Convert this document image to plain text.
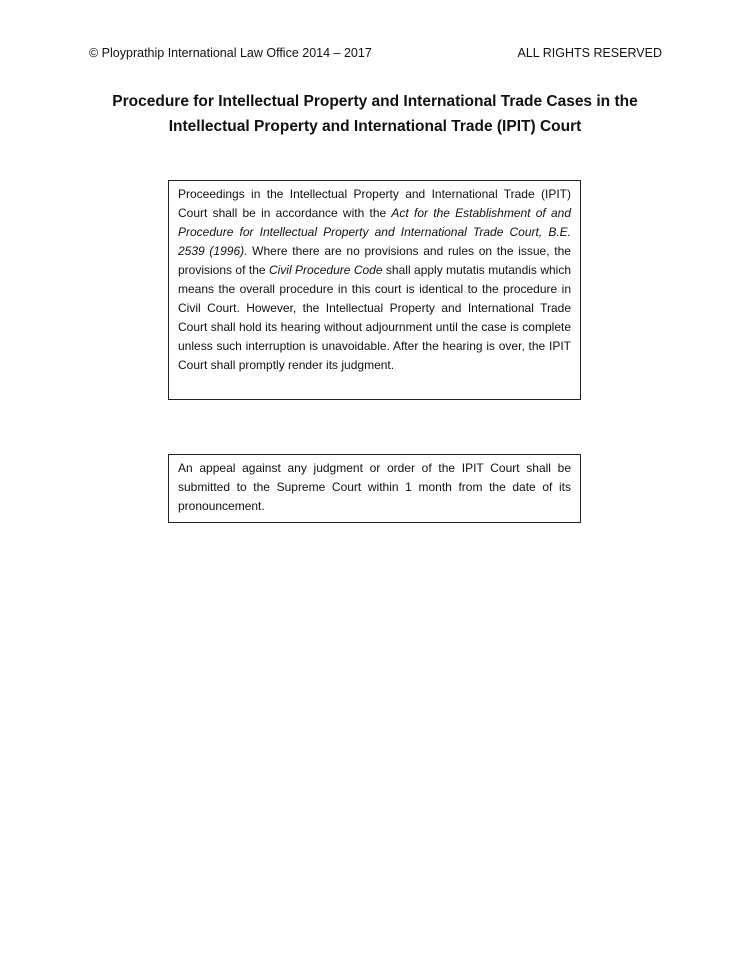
© Ployprathip International Law Office 2014 – 2017	ALL RIGHTS RESERVED
Procedure for Intellectual Property and International Trade Cases in the
Intellectual Property and International Trade (IPIT) Court

Proceedings in the Intellectual Property and International Trade (IPIT) Court shall be in accordance with the Act for the Establishment of and Procedure for Intellectual Property and International Trade Court, B.E. 2539 (1996). Where there are no provisions and rules on the issue, the provisions of the Civil Procedure Code shall apply mutatis mutandis which means the overall procedure in this court is identical to the procedure in Civil Court. However, the Intellectual Property and International Trade Court shall hold its hearing without adjournment until the case is complete unless such interruption is unavoidable. After the hearing is over, the IPIT Court shall promptly render its judgment.

An appeal against any judgment or order of the IPIT Court shall be submitted to the Supreme Court within 1 month from the date of its pronouncement.
